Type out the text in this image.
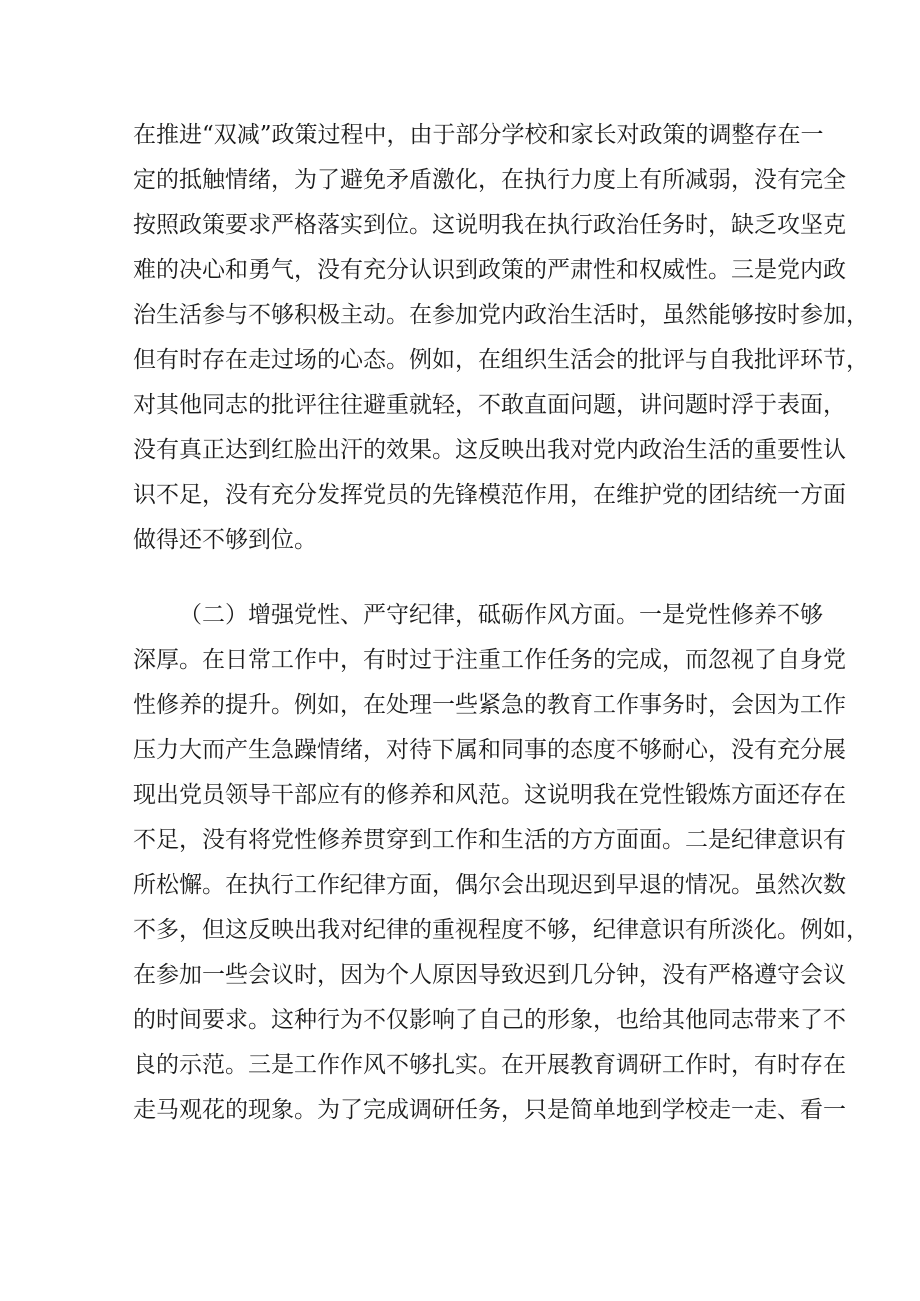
在推进“双减”政策过程中，由于部分学校和家长对政策的调整存在一
定的抵触情绪，为了避免矛盾激化，在执行力度上有所减弱，没有完全
按照政策要求严格落实到位。这说明我在执行政治任务时，缺乏攻坚克
难的决心和勇气，没有充分认识到政策的严肃性和权威性。三是党内政
治生活参与不够积极主动。在参加党内政治生活时，虽然能够按时参加，
但有时存在走过场的心态。例如，在组织生活会的批评与自我批评环节，
对其他同志的批评往往避重就轻，不敢直面问题，讲问题时浮于表面，
没有真正达到红脸出汗的效果。这反映出我对党内政治生活的重要性认
识不足，没有充分发挥党员的先锋模范作用，在维护党的团结统一方面
做得还不够到位。
（二）增强党性、严守纪律，砥砺作风方面。一是党性修养不够
深厚。在日常工作中，有时过于注重工作任务的完成，而忽视了自身党
性修养的提升。例如，在处理一些紧急的教育工作事务时，会因为工作
压力大而产生急躁情绪，对待下属和同事的态度不够耐心，没有充分展
现出党员领导干部应有的修养和风范。这说明我在党性锻炼方面还存在
不足，没有将党性修养贯穿到工作和生活的方方面面。二是纪律意识有
所松懈。在执行工作纪律方面，偶尔会出现迟到早退的情况。虽然次数
不多，但这反映出我对纪律的重视程度不够，纪律意识有所淡化。例如，
在参加一些会议时，因为个人原因导致迟到几分钟，没有严格遵守会议
的时间要求。这种行为不仅影响了自己的形象，也给其他同志带来了不
良的示范。三是工作作风不够扎实。在开展教育调研工作时，有时存在
走马观花的现象。为了完成调研任务，只是简单地到学校走一走、看一
